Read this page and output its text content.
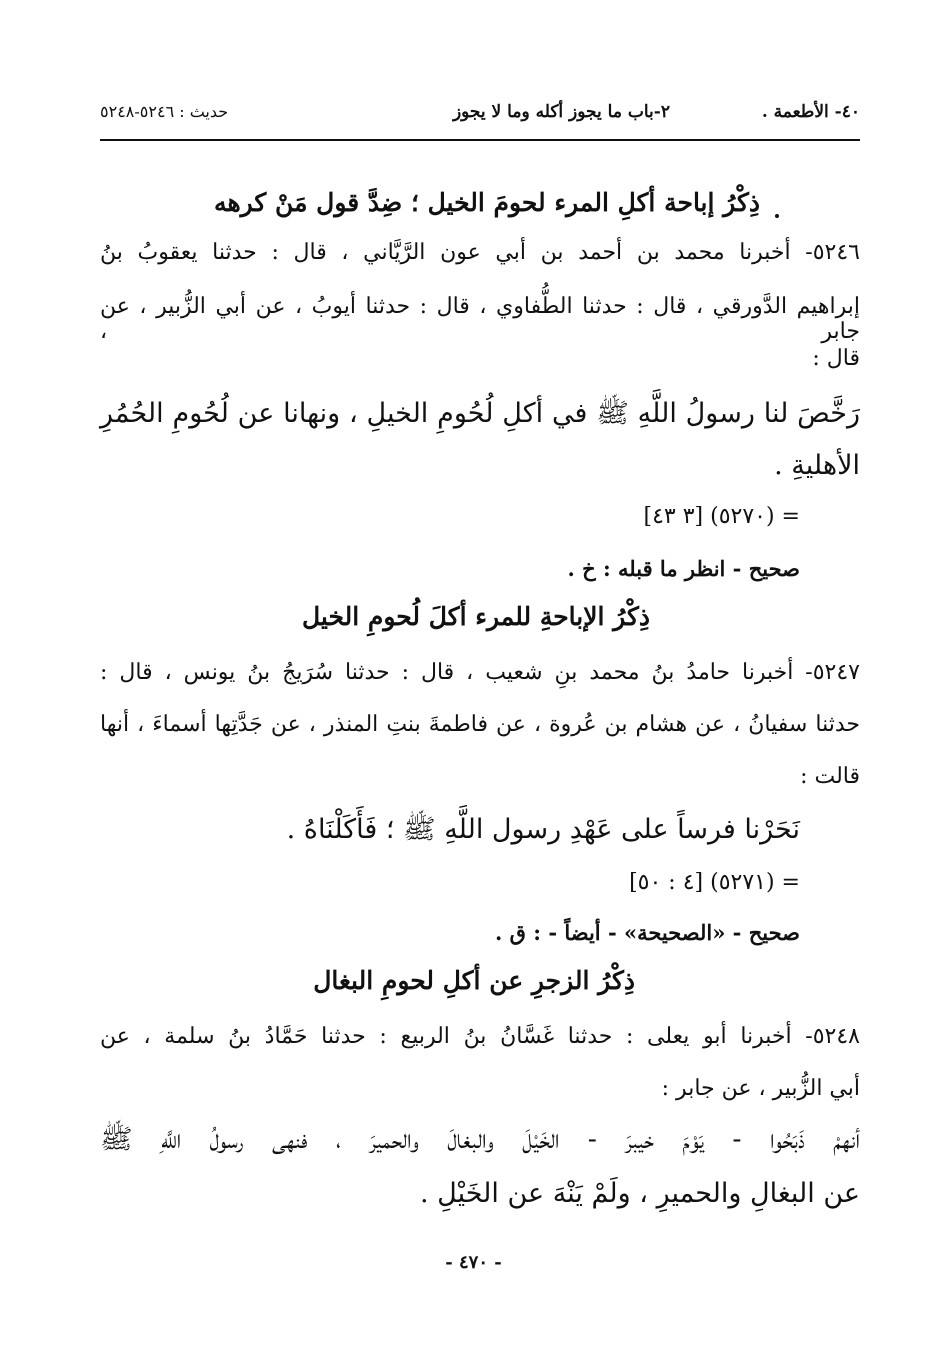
٤٠- الأطعمة .
٢-باب ما يجوز أكله وما لا يجوز
حديث : ٥٢٤٦-٥٢٤٨
ذِكْرُ إباحة أكلِ المرء لحومَ الخيل ؛ ضِدَّ قول مَنْ كرهه
٥٢٤٦- أخبرنا محمد بن أحمد بن أبي عون الرَّيَّاني ، قال : حدثنا يعقوبُ بنُ
إبراهيم الدَّورقي ، قال : حدثنا الطُّفاوي ، قال : حدثنا أيوبُ ، عن أبي الزُّبير ، عن جابر ،
قال :
رَخَّصَ لنا رسولُ اللَّهِ ﷺ في أكلِ لُحُومِ الخيلِ ، ونهانا عن لُحُومِ الحُمُرِ
الأهليةِ .
= (٥٢٧٠) [٣ ٤٣]
صحيح - انظر ما قبله : خ .
ذِكْرُ الإباحةِ للمرء أكلَ لُحومِ الخيل
٥٢٤٧- أخبرنا حامدُ بنُ محمد بنِ شعيب ، قال : حدثنا سُرَيجُ بنُ يونس ، قال :
حدثنا سفيانُ ، عن هشام بن عُروة ، عن فاطمةَ بنتِ المنذر ، عن جَدَّتِها أسماءَ ، أنها
قالت :
نَحَرْنا فرساً على عَهْدِ رسول اللَّهِ ﷺ ؛ فَأَكَلْنَاهُ .
= (٥٢٧١) [٤ : ٥٠]
صحيح - «الصحيحة» - أيضاً - : ق .
ذِكْرُ الزجرِ عن أكلِ لحومِ البغال
٥٢٤٨- أخبرنا أبو يعلى : حدثنا غَسَّانُ بنُ الربيع : حدثنا حَمَّادُ بنُ سلمة ، عن
أبي الزُّبير ، عن جابر :
أنهمْ ذَبَحُوا - يَوْمَ خيبرَ - الخَيْلَ والبغالَ والحميرَ ، فنهى رسولُ اللَّهِ ﷺ
عن البغالِ والحميرِ ، ولَمْ يَنْهَ عن الخَيْلِ .
- ٤٧٠ -
